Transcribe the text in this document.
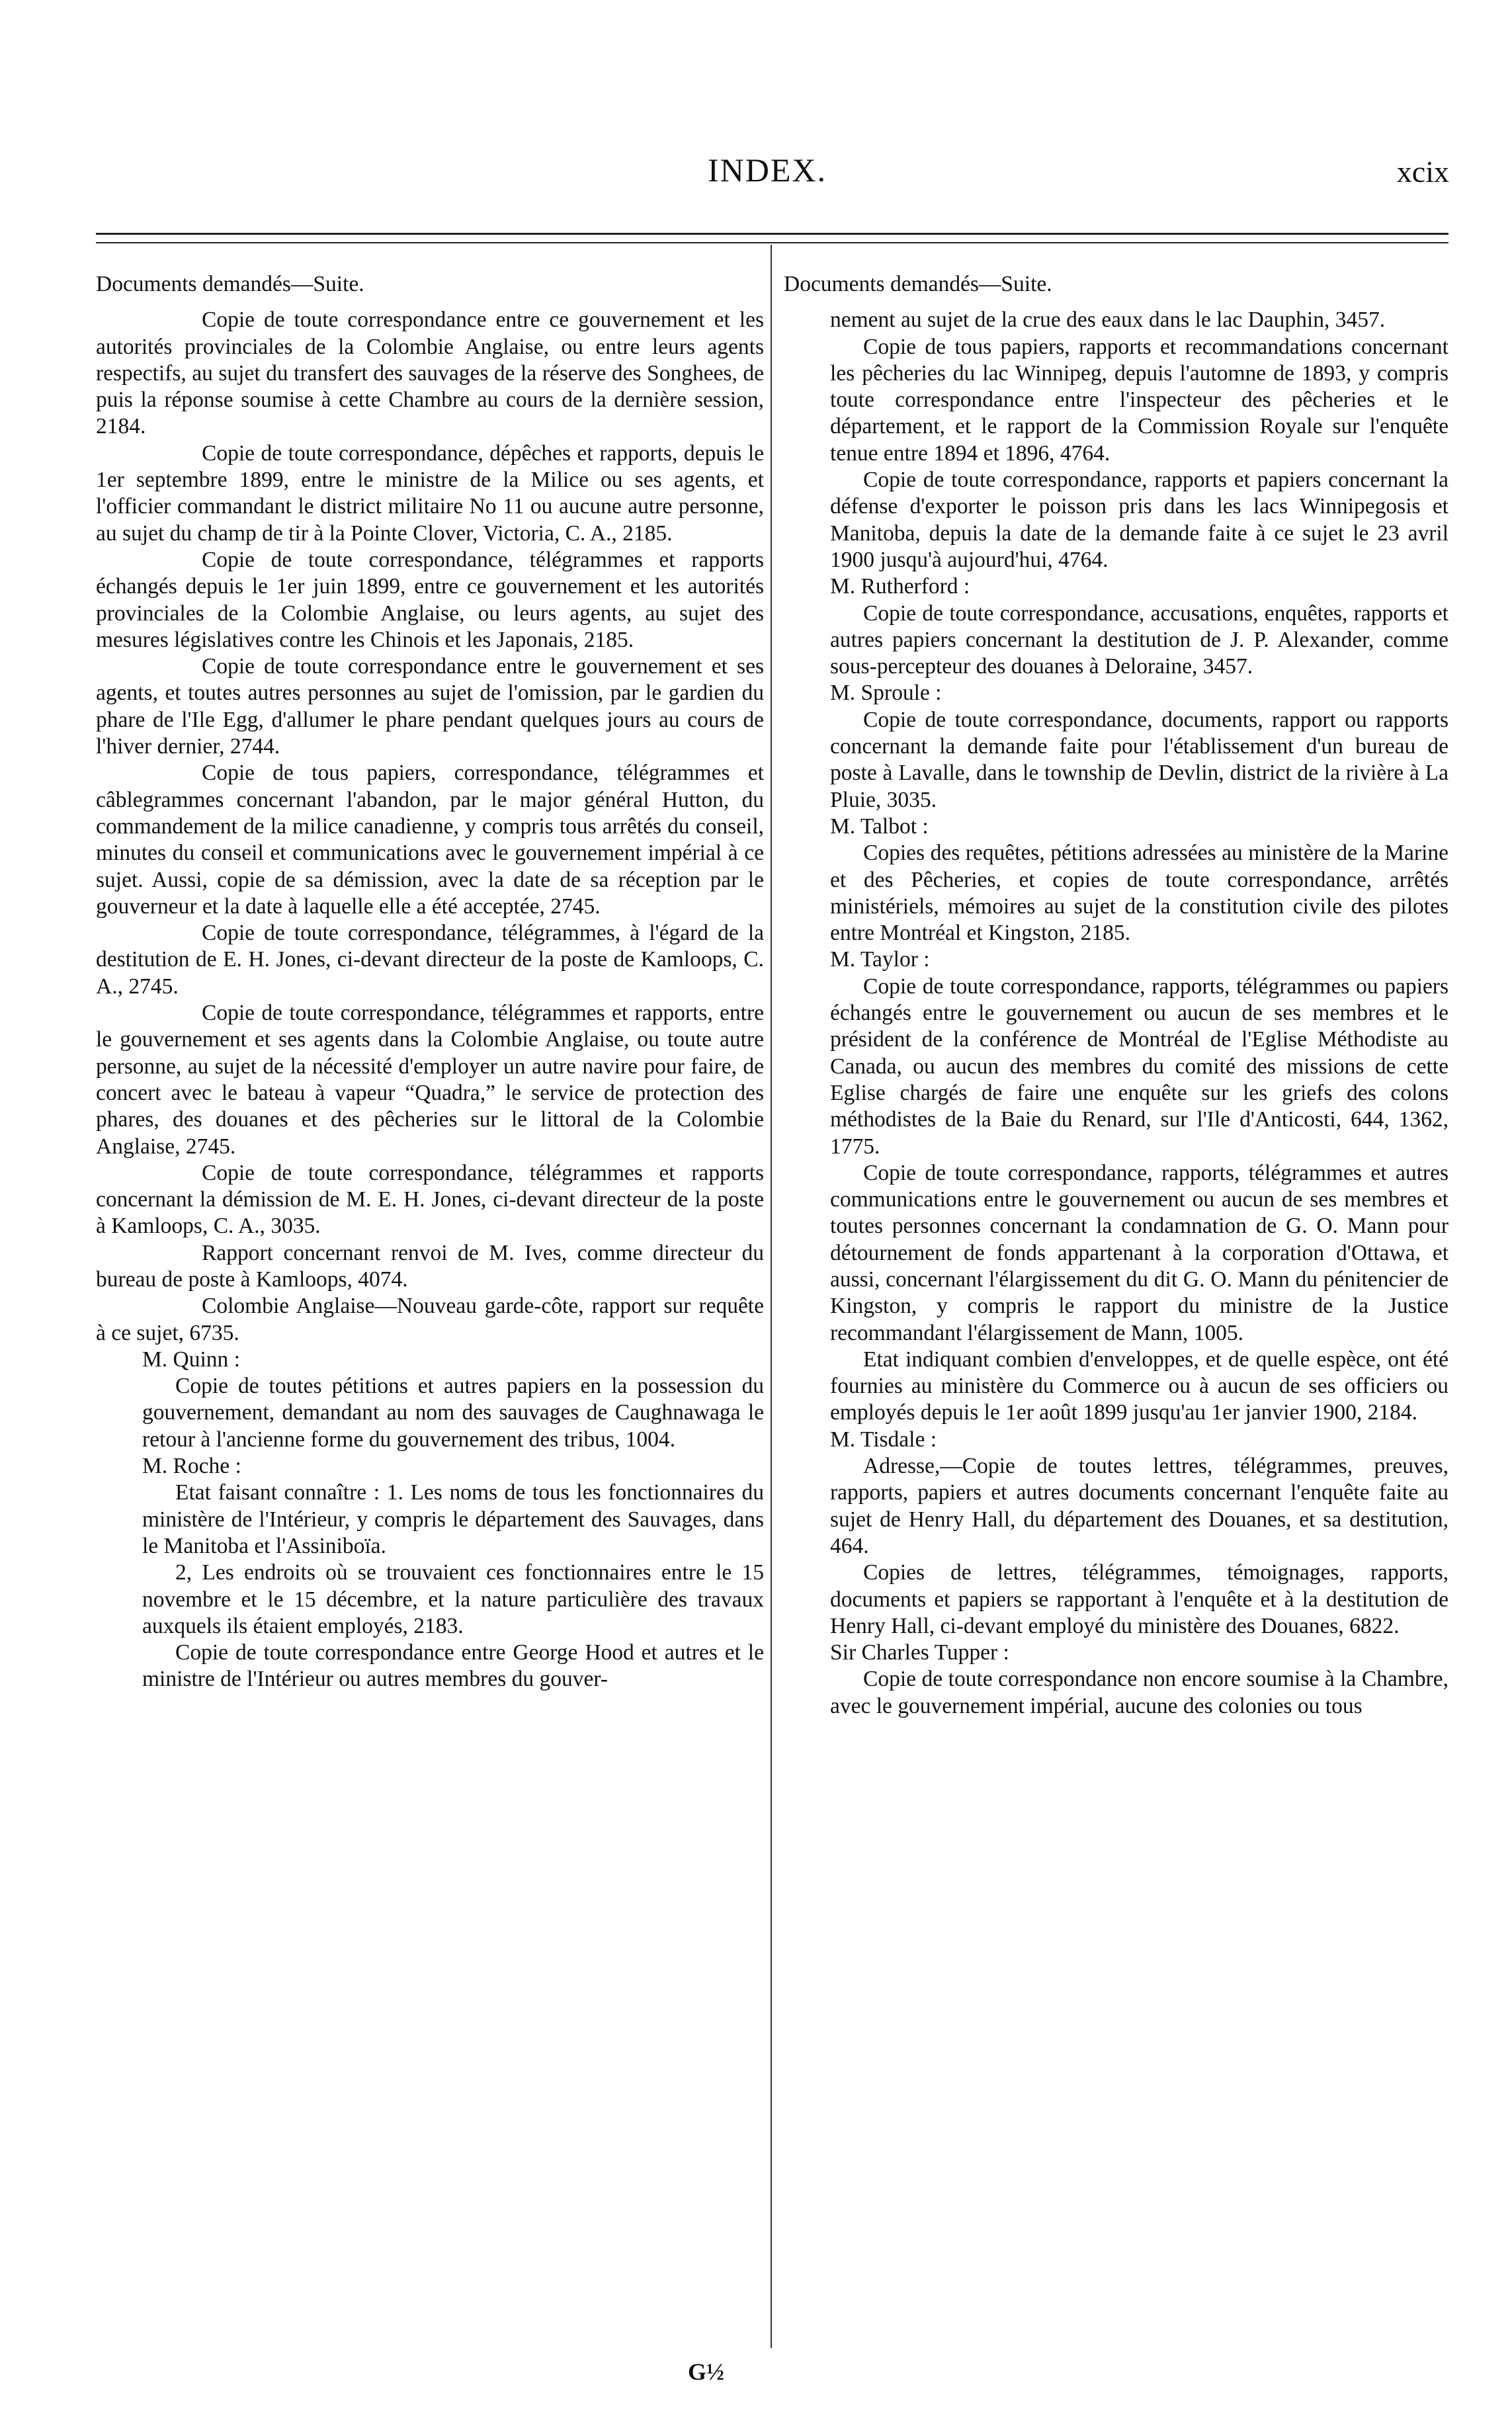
INDEX.	xcix

Documents demandés—Suite.

Copie de toute correspondance entre ce gouvernement et les autorités provinciales de la Colombie Anglaise, ou entre leurs agents respectifs, au sujet du transfert des sauvages de la réserve des Songhees, de puis la réponse soumise à cette Chambre au cours de la dernière session, 2184.

Copie de toute correspondance, dépêches et rapports, depuis le 1er septembre 1899, entre le ministre de la Milice ou ses agents, et l'officier commandant le district militaire No 11 ou aucune autre personne, au sujet du champ de tir à la Pointe Clover, Victoria, C. A., 2185.

Copie de toute correspondance, télégrammes et rapports échangés depuis le 1er juin 1899, entre ce gouvernement et les autorités provinciales de la Colombie Anglaise, ou leurs agents, au sujet des mesures législatives contre les Chinois et les Japonais, 2185.

Copie de toute correspondance entre le gouvernement et ses agents, et toutes autres personnes au sujet de l'omission, par le gardien du phare de l'Ile Egg, d'allumer le phare pendant quelques jours au cours de l'hiver dernier, 2744.

Copie de tous papiers, correspondance, télégrammes et câblegrammes concernant l'abandon, par le major général Hutton, du commandement de la milice canadienne, y compris tous arrêtés du conseil, minutes du conseil et communications avec le gouvernement impérial à ce sujet. Aussi, copie de sa démission, avec la date de sa réception par le gouverneur et la date à laquelle elle a été acceptée, 2745.

Copie de toute correspondance, télégrammes, à l'égard de la destitution de E. H. Jones, ci-devant directeur de la poste de Kamloops, C. A., 2745.

Copie de toute correspondance, télégrammes et rapports, entre le gouvernement et ses agents dans la Colombie Anglaise, ou toute autre personne, au sujet de la nécessité d'employer un autre navire pour faire, de concert avec le bateau à vapeur “Quadra,” le service de protection des phares, des douanes et des pêcheries sur le littoral de la Colombie Anglaise, 2745.

Copie de toute correspondance, télégrammes et rapports concernant la démission de M. E. H. Jones, ci-devant directeur de la poste à Kamloops, C. A., 3035.

Rapport concernant renvoi de M. Ives, comme directeur du bureau de poste à Kamloops, 4074.

Colombie Anglaise—Nouveau garde-côte, rapport sur requête à ce sujet, 6735.

M. Quinn :

Copie de toutes pétitions et autres papiers en la possession du gouvernement, demandant au nom des sauvages de Caughnawaga le retour à l'ancienne forme du gouvernement des tribus, 1004.

M. Roche :

Etat faisant connaître : 1. Les noms de tous les fonctionnaires du ministère de l'Intérieur, y compris le département des Sauvages, dans le Manitoba et l'Assiniboïa.

2, Les endroits où se trouvaient ces fonctionnaires entre le 15 novembre et le 15 décembre, et la nature particulière des travaux auxquels ils étaient employés, 2183.

Copie de toute correspondance entre George Hood et autres et le ministre de l'Intérieur ou autres membres du gouver-

Documents demandés—Suite.

nement au sujet de la crue des eaux dans le lac Dauphin, 3457.

Copie de tous papiers, rapports et recommandations concernant les pêcheries du lac Winnipeg, depuis l'automne de 1893, y compris toute correspondance entre l'inspecteur des pêcheries et le département, et le rapport de la Commission Royale sur l'enquête tenue entre 1894 et 1896, 4764.

Copie de toute correspondance, rapports et papiers concernant la défense d'exporter le poisson pris dans les lacs Winnipegosis et Manitoba, depuis la date de la demande faite à ce sujet le 23 avril 1900 jusqu'à aujourd'hui, 4764.

M. Rutherford :

Copie de toute correspondance, accusations, enquêtes, rapports et autres papiers concernant la destitution de J. P. Alexander, comme sous-percepteur des douanes à Deloraine, 3457.

M. Sproule :

Copie de toute correspondance, documents, rapport ou rapports concernant la demande faite pour l'établissement d'un bureau de poste à Lavalle, dans le township de Devlin, district de la rivière à La Pluie, 3035.

M. Talbot :

Copies des requêtes, pétitions adressées au ministère de la Marine et des Pêcheries, et copies de toute correspondance, arrêtés ministériels, mémoires au sujet de la constitution civile des pilotes entre Montréal et Kingston, 2185.

M. Taylor :

Copie de toute correspondance, rapports, télégrammes ou papiers échangés entre le gouvernement ou aucun de ses membres et le président de la conférence de Montréal de l'Eglise Méthodiste au Canada, ou aucun des membres du comité des missions de cette Eglise chargés de faire une enquête sur les griefs des colons méthodistes de la Baie du Renard, sur l'Ile d'Anticosti, 644, 1362, 1775.

Copie de toute correspondance, rapports, télégrammes et autres communications entre le gouvernement ou aucun de ses membres et toutes personnes concernant la condamnation de G. O. Mann pour détournement de fonds appartenant à la corporation d'Ottawa, et aussi, concernant l'élargissement du dit G. O. Mann du pénitencier de Kingston, y compris le rapport du ministre de la Justice recommandant l'élargissement de Mann, 1005.

Etat indiquant combien d'enveloppes, et de quelle espèce, ont été fournies au ministère du Commerce ou à aucun de ses officiers ou employés depuis le 1er août 1899 jusqu'au 1er janvier 1900, 2184.

M. Tisdale :

Adresse,—Copie de toutes lettres, télégrammes, preuves, rapports, papiers et autres documents concernant l'enquête faite au sujet de Henry Hall, du département des Douanes, et sa destitution, 464.

Copies de lettres, télégrammes, témoignages, rapports, documents et papiers se rapportant à l'enquête et à la destitution de Henry Hall, ci-devant employé du ministère des Douanes, 6822.

Sir Charles Tupper :

Copie de toute correspondance non encore soumise à la Chambre, avec le gouvernement impérial, aucune des colonies ou tous

G½
